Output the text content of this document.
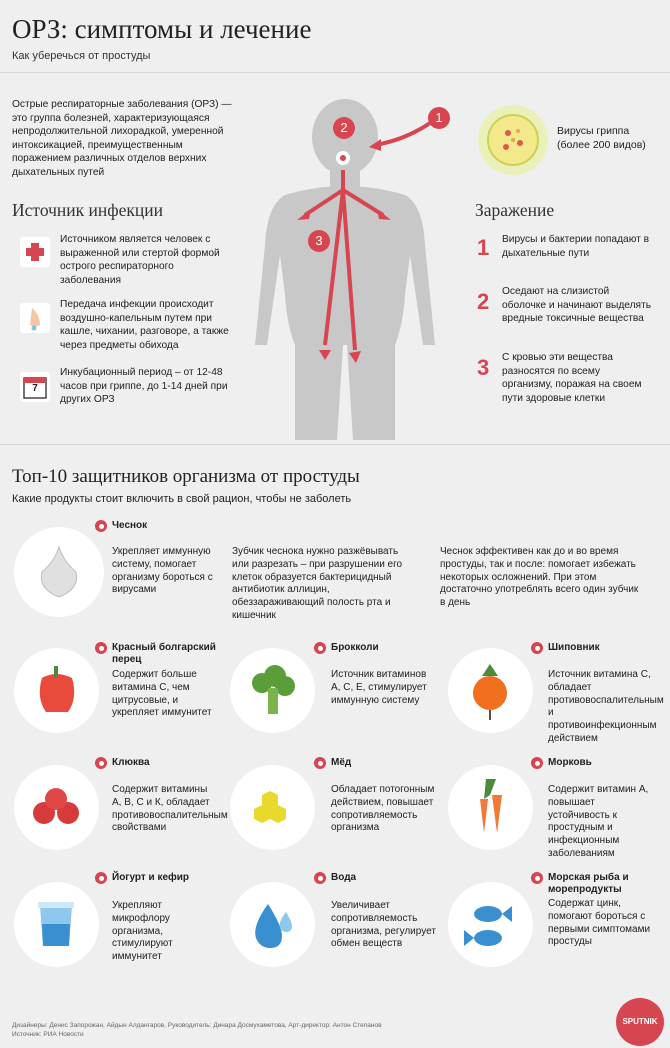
ОРЗ: симптомы и лечение
Как уберечься от простуды
Острые респираторные заболевания (ОРЗ) — это группа болезней, характеризующаяся непродолжительной лихорадкой, умеренной интоксикацией, преимущественным поражением различных отделов верхних дыхательных путей
2
1
3
Вирусы гриппа (более 200 видов)
Источник инфекции
Источником является человек с выраженной или стертой формой острого респираторного заболевания
Передача инфекции происходит воздушно-капельным путем при кашле, чихании, разговоре, а также через предметы обихода
7
Инкубационный период – от 12-48 часов при гриппе, до 1-14 дней при других ОРЗ
Заражение
1 Вирусы и бактерии попадают в дыхательные пути
2 Оседают на слизистой оболочке и начинают выделять вредные токсичные вещества
3 С кровью эти вещества разносятся по всему организму, поражая на своем пути здоровые клетки
Топ-10 защитников организма от простуды
Какие продукты стоит включить в свой рацион, чтобы не заболеть
Чеснок
Укрепляет иммунную систему, помогает организму бороться с вирусами
Зубчик чеснока нужно разжёвывать или разрезать – при разрушении его клеток образуется бактерицидный антибиотик аллицин, обеззараживающий полость рта и кишечник
Чеснок эффективен как до и во время простуды, так и после: помогает избежать некоторых осложнений. При этом достаточно употреблять всего один зубчик в день
Красный болгарский перец
Содержит больше витамина С, чем цитрусовые, и укрепляет иммунитет
Брокколи
Источник витаминов А, С, Е, стимулирует иммунную систему
Шиповник
Источник витамина С, обладает противовоспалительным и противоинфекционным действием
Клюква
Содержит витамины А, В, С и К, обладает противовоспалительным свойствами
Мёд
Обладает потогонным действием, повышает сопротивляемость организма
Морковь
Содержит витамин А, повышает устойчивость к простудным и инфекционным заболеваниям
Йогурт и кефир
Укрепляют микрофлору организма, стимулируют иммунитет
Вода
Увеличивает сопротивляемость организма, регулирует обмен веществ
Морская рыба и морепродукты
Содержат цинк, помогают бороться с первыми симптомами простуды
Дизайнеры: Денис Запорожан, Айдын Алдангаров, Руководитель: Динара Досмухаметова, Арт-директор: Антон Степанов
Источник: РИА Новости
SPUTNIK
